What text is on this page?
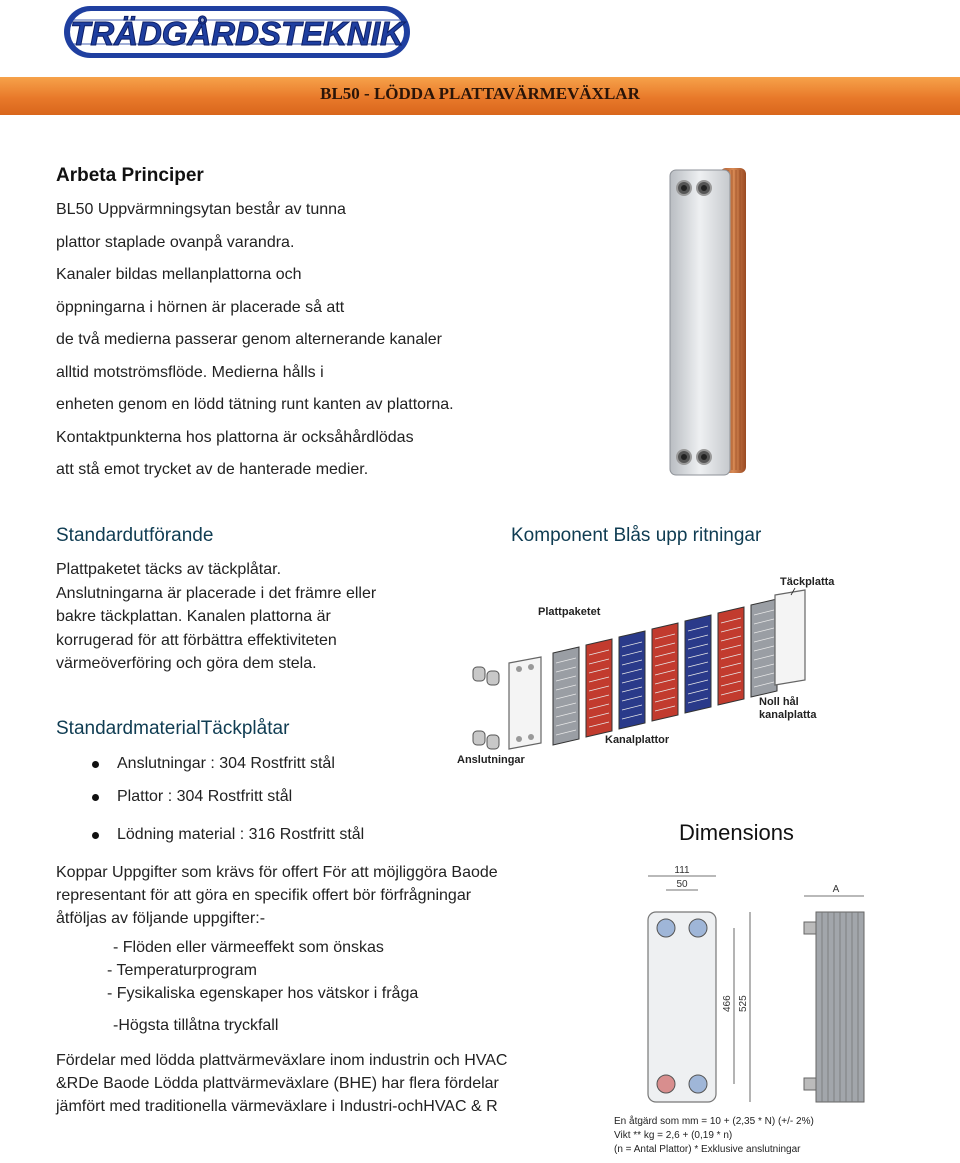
TRÄDGÅRDSTEKNIK
BL50 - LÖDDA PLATTAVÄRMEVÄXLAR
Arbeta Principer
BL50 Uppvärmningsytan består av tunna
plattor staplade ovanpå varandra.
Kanaler bildas mellanplattorna och
öppningarna i hörnen är placerade så att
de två medierna passerar genom alternerande kanaler
alltid motströmsflöde. Medierna hålls i
enheten genom en lödd tätning runt kanten av plattorna.
Kontaktpunkterna hos plattorna är ocksåhårdlödas
att stå emot trycket av de hanterade medier.
Standardutförande
Plattpaketet täcks av täckplåtar.
Anslutningarna är placerade i det främre eller
bakre täckplattan. Kanalen plattorna är
korrugerad för att förbättra effektiviteten
värmeöverföring och göra dem stela.
Komponent Blås upp ritningar
Täckplatta
Plattpaketet
Noll hål
kanalplatta
Kanalplattor
Anslutningar
StandardmaterialTäckplåtar
Anslutningar : 304 Rostfritt stål
Plattor : 304 Rostfritt stål
Lödning material : 316 Rostfritt stål
Koppar Uppgifter som krävs för offert För att möjliggöra Baode
representant för att göra en specifik offert bör förfrågningar
åtföljas av följande uppgifter:-
- Flöden eller värmeeffekt som önskas
- Temperaturprogram
- Fysikaliska egenskaper hos vätskor i fråga
-Högsta tillåtna tryckfall
Fördelar med lödda plattvärmeväxlare inom industrin och HVAC
&RDe Baode Lödda plattvärmeväxlare (BHE) har flera fördelar
jämfört med traditionella värmeväxlare i Industri-ochHVAC & R
Dimensions
111
50
466 525
A
En åtgärd som mm = 10 + (2,35 * N) (+/- 2%)
Vikt ** kg = 2,6 + (0,19 * n)
(n = Antal Plattor) * Exklusive anslutningar
